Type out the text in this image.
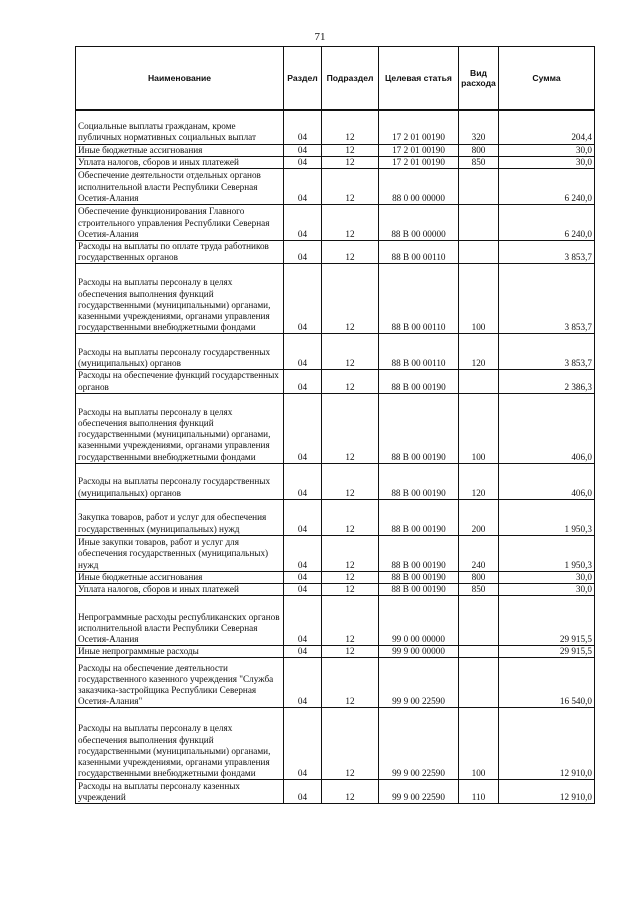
71
Наименование	Раздел	Подраздел	Целевая статья	Вид расхода	Сумма
Социальные выплаты гражданам, кроме публичных нормативных социальных выплат	04	12	17 2 01 00190	320	204,4
Иные бюджетные ассигнования	04	12	17 2 01 00190	800	30,0
Уплата налогов, сборов и иных платежей	04	12	17 2 01 00190	850	30,0
Обеспечение деятельности отдельных органов исполнительной власти Республики Северная Осетия-Алания	04	12	88 0 00 00000		6 240,0
Обеспечение функционирования Главного строительного управления Республики Северная Осетия-Алания	04	12	88 В 00 00000		6 240,0
Расходы на выплаты по оплате труда работников государственных органов	04	12	88 В 00 00110		3 853,7
Расходы на выплаты персоналу в целях обеспечения выполнения функций государственными (муниципальными) органами, казенными учреждениями, органами управления государственными внебюджетными фондами	04	12	88 В 00 00110	100	3 853,7
Расходы на выплаты персоналу государственных (муниципальных) органов	04	12	88 В 00 00110	120	3 853,7
Расходы на обеспечение функций государственных органов	04	12	88 В 00 00190		2 386,3
Расходы на выплаты персоналу в целях обеспечения выполнения функций государственными (муниципальными) органами, казенными учреждениями, органами управления государственными внебюджетными фондами	04	12	88 В 00 00190	100	406,0
Расходы на выплаты персоналу государственных (муниципальных) органов	04	12	88 В 00 00190	120	406,0
Закупка товаров, работ и услуг для обеспечения государственных (муниципальных) нужд	04	12	88 В 00 00190	200	1 950,3
Иные закупки товаров, работ и услуг для обеспечения государственных (муниципальных) нужд	04	12	88 В 00 00190	240	1 950,3
Иные бюджетные ассигнования	04	12	88 В 00 00190	800	30,0
Уплата налогов, сборов и иных платежей	04	12	88 В 00 00190	850	30,0
Непрограммные расходы республиканских органов исполнительной власти Республики Северная Осетия-Алания	04	12	99 0 00 00000		29 915,5
Иные непрограммные расходы	04	12	99 9 00 00000		29 915,5
Расходы на обеспечение деятельности государственного казенного учреждения "Служба заказчика-застройщика Республики Северная Осетия-Алания"	04	12	99 9 00 22590		16 540,0
Расходы на выплаты персоналу в целях обеспечения выполнения функций государственными (муниципальными) органами, казенными учреждениями, органами управления государственными внебюджетными фондами	04	12	99 9 00 22590	100	12 910,0
Расходы на выплаты персоналу казенных учреждений	04	12	99 9 00 22590	110	12 910,0
